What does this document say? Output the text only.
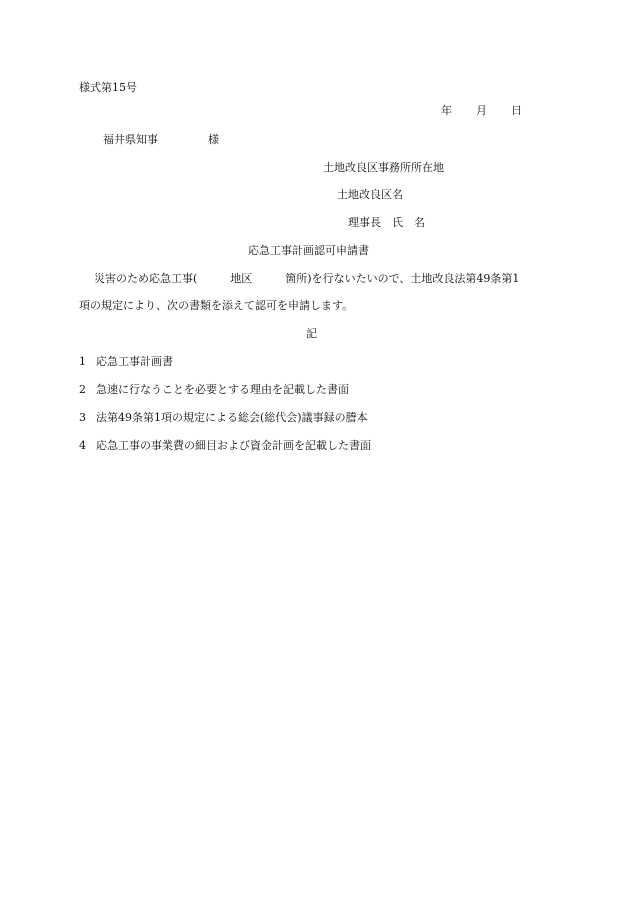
様式第15号

年 月 日

福井県知事	様

土地改良区事務所所在地

土地改良区名

理事長　氏　名

応急工事計画認可申請書

災害のため応急工事(　　　地区　　　箇所)を行ないたいので、土地改良法第49条第1

項の規定により、次の書類を添えて認可を申請します。

記

1 応急工事計画書

2 急速に行なうことを必要とする理由を記載した書面

3 法第49条第1項の規定による総会(総代会)議事録の謄本

4 応急工事の事業費の細目および資金計画を記載した書面
